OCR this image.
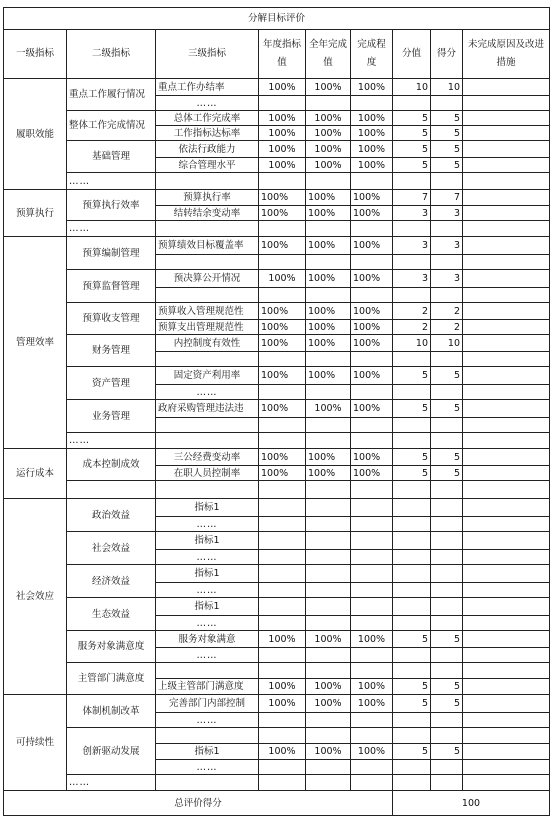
分解目标评价								
一级指标	二级指标	三级指标	年度指标值	全年完成值	完成程度	分值	得分	未完成原因及改进措施
履职效能	重点工作履行情况	重点工作办结率	100%	100%	100%	10	10	
		……						
	整体工作完成情况	总体工作完成率	100%	100%	100%	5	5	
		工作指标达标率	100%	100%	100%	5	5	
	基础管理	依法行政能力	100%	100%	100%	5	5	
		综合管理水平	100%	100%	100%	5	5	
	……							
预算执行	预算执行效率	预算执行率	100%	100%	100%	7	7	
		结转结余变动率	100%	100%	100%	3	3	
	……							
管理效率	预算编制管理	预算绩效目标覆盖率	100%	100%	100%	3	3	

	预算监督管理	预决算公开情况	100%	100%	100%	3	3	

	预算收支管理	预算收入管理规范性	100%	100%	100%	2	2	
		预算支出管理规范性	100%	100%	100%	2	2	
	财务管理	内控制度有效性	100%	100%	100%	10	10	

	资产管理	固定资产利用率	100%	100%	100%	5	5	
		……						
	业务管理	政府采购管理违法违	100%	100%	100%	5	5	

	……							
运行成本	成本控制成效	三公经费变动率	100%	100%	100%	5	5	
		在职人员控制率	100%	100%	100%	5	5	

社会效应	政治效益	指标1						
		……						
	社会效益	指标1						
		……						
	经济效益	指标1						
		……						
	生态效益	指标1						
		……						
	服务对象满意度	服务对象满意	100%	100%	100%	5	5	
		……						
	主管部门满意度							
		上级主管部门满意度	100%	100%	100%	5	5	
可持续性	体制机制改革	完善部门内部控制	100%	100%	100%	5	5	
		……						
	创新驱动发展							
		指标1	100%	100%	100%	5	5	
		……						
	……							
总评价得分						100		
